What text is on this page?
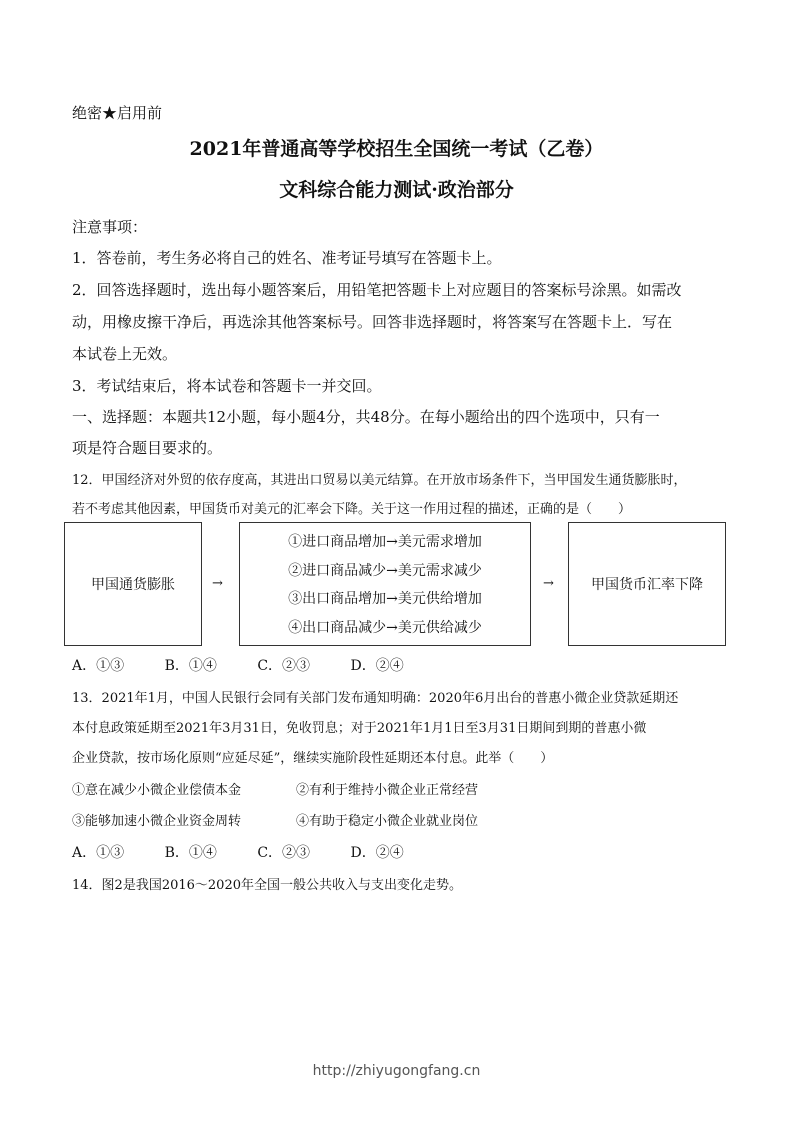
绝密★启用前
2021年普通高等学校招生全国统一考试（乙卷）
文科综合能力测试·政治部分
注意事项：
1．答卷前，考生务必将自己的姓名、准考证号填写在答题卡上。
2．回答选择题时，选出每小题答案后，用铅笔把答题卡上对应题目的答案标号涂黑。如需改
动，用橡皮擦干净后，再选涂其他答案标号。回答非选择题时，将答案写在答题卡上．写在
本试卷上无效。
3．考试结束后，将本试卷和答题卡一并交回。
一、选择题：本题共12小题，每小题4分，共48分。在每小题给出的四个选项中，只有一
项是符合题目要求的。
12．甲国经济对外贸的依存度高，其进出口贸易以美元结算。在开放市场条件下，当甲国发生通货膨胀时，
若不考虑其他因素，甲国货币对美元的汇率会下降。关于这一作用过程的描述，正确的是（　　）
甲国通货膨胀	→
①进口商品增加→美元需求增加
②进口商品减少→美元需求减少
③出口商品增加→美元供给增加
④出口商品减少→美元供给减少
→	甲国货币汇率下降
A．①③	B．①④	C．②③	D．②④
13．2021年1月，中国人民银行会同有关部门发布通知明确：2020年6月出台的普惠小微企业贷款延期还
本付息政策延期至2021年3月31日，免收罚息；对于2021年1月1日至3月31日期间到期的普惠小微
企业贷款，按市场化原则“应延尽延”，继续实施阶段性延期还本付息。此举（　　）
①意在减少小微企业偿债本金	②有利于维持小微企业正常经营
③能够加速小微企业资金周转	④有助于稳定小微企业就业岗位
A．①③	B．①④	C．②③	D．②④
14．图2是我国2016～2020年全国一般公共收入与支出变化走势。
http://zhiyugongfang.cn
